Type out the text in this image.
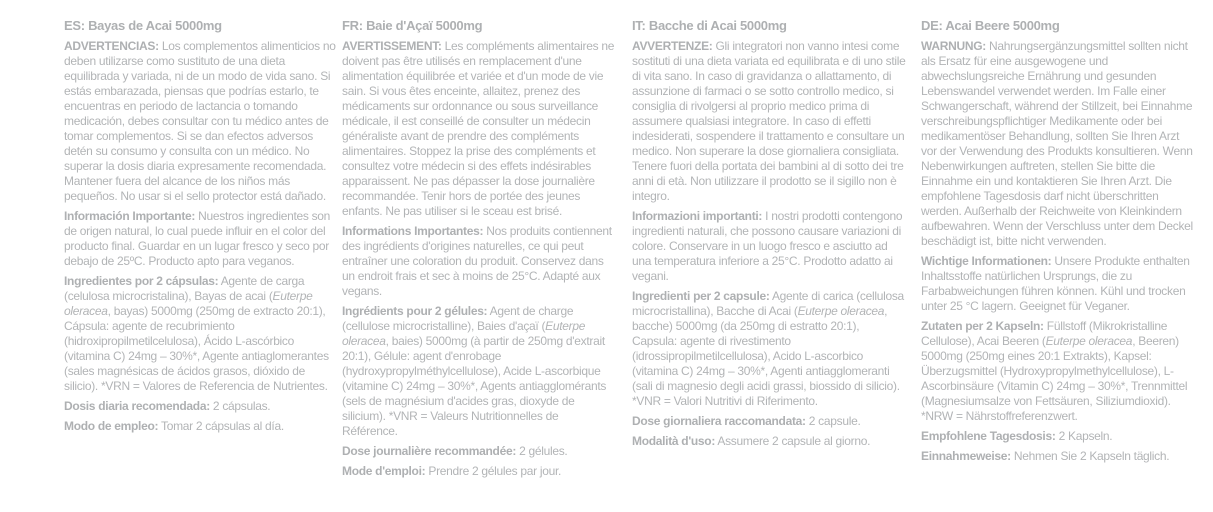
ES: Bayas de Acai 5000mg

ADVERTENCIAS: Los complementos alimenticios no deben utilizarse como sustituto de una dieta equilibrada y variada, ni de un modo de vida sano. Si estás embarazada, piensas que podrías estarlo, te encuentras en periodo de lactancia o tomando medicación, debes consultar con tu médico antes de tomar complementos. Si se dan efectos adversos detén su consumo y consulta con un médico. No superar la dosis diaria expresamente recomendada. Mantener fuera del alcance de los niños más pequeños. No usar si el sello protector está dañado.

Información Importante: Nuestros ingredientes son de origen natural, lo cual puede influir en el color del producto final. Guardar en un lugar fresco y seco por debajo de 25ºC. Producto apto para veganos.

Ingredientes por 2 cápsulas: Agente de carga (celulosa microcristalina), Bayas de acai (Euterpe oleracea, bayas) 5000mg (250mg de extracto 20:1), Cápsula: agente de recubrimiento (hidroxipropilmetilcelulosa), Ácido L-ascórbico (vitamina C) 24mg – 30%*, Agente antiaglomerantes (sales magnésicas de ácidos grasos, dióxido de silicio). *VRN = Valores de Referencia de Nutrientes.

Dosis diaria recomendada: 2 cápsulas.

Modo de empleo: Tomar 2 cápsulas al día.

FR: Baie d'Açaï 5000mg

AVERTISSEMENT: Les compléments alimentaires ne doivent pas être utilisés en remplacement d'une alimentation équilibrée et variée et d'un mode de vie sain. Si vous êtes enceinte, allaitez, prenez des médicaments sur ordonnance ou sous surveillance médicale, il est conseillé de consulter un médecin généraliste avant de prendre des compléments alimentaires. Stoppez la prise des compléments et consultez votre médecin si des effets indésirables apparaissent. Ne pas dépasser la dose journalière recommandée. Tenir hors de portée des jeunes enfants. Ne pas utiliser si le sceau est brisé.

Informations Importantes: Nos produits contiennent des ingrédients d'origines naturelles, ce qui peut entraîner une coloration du produit. Conservez dans un endroit frais et sec à moins de 25°C. Adapté aux vegans.

Ingrédients pour 2 gélules: Agent de charge (cellulose microcristalline), Baies d'açaï (Euterpe oleracea, baies) 5000mg (à partir de 250mg d'extrait 20:1), Gélule: agent d'enrobage (hydroxypropylméthylcellulose), Acide L-ascorbique (vitamine C) 24mg – 30%*, Agents antiagglomérants (sels de magnésium d'acides gras, dioxyde de silicium). *VNR = Valeurs Nutritionnelles de Référence.

Dose journalière recommandée: 2 gélules.

Mode d'emploi: Prendre 2 gélules par jour.

IT: Bacche di Acai 5000mg

AVVERTENZE: Gli integratori non vanno intesi come sostituti di una dieta variata ed equilibrata e di uno stile di vita sano. In caso di gravidanza o allattamento, di assunzione di farmaci o se sotto controllo medico, si consiglia di rivolgersi al proprio medico prima di assumere qualsiasi integratore. In caso di effetti indesiderati, sospendere il trattamento e consultare un medico. Non superare la dose giornaliera consigliata. Tenere fuori della portata dei bambini al di sotto dei tre anni di età. Non utilizzare il prodotto se il sigillo non è integro.

Informazioni importanti: I nostri prodotti contengono ingredienti naturali, che possono causare variazioni di colore. Conservare in un luogo fresco e asciutto ad una temperatura inferiore a 25°C. Prodotto adatto ai vegani.

Ingredienti per 2 capsule: Agente di carica (cellulosa microcristallina), Bacche di Acai (Euterpe oleracea, bacche) 5000mg (da 250mg di estratto 20:1), Capsula: agente di rivestimento (idrossipropilmetilcellulosa), Acido L-ascorbico (vitamina C) 24mg – 30%*, Agenti antiagglomeranti (sali di magnesio degli acidi grassi, biossido di silicio). *VNR = Valori Nutritivi di Riferimento.

Dose giornaliera raccomandata: 2 capsule.

Modalità d'uso: Assumere 2 capsule al giorno.

DE: Acai Beere 5000mg

WARNUNG: Nahrungsergänzungsmittel sollten nicht als Ersatz für eine ausgewogene und abwechslungsreiche Ernährung und gesunden Lebenswandel verwendet werden. Im Falle einer Schwangerschaft, während der Stillzeit, bei Einnahme verschreibungspflichtiger Medikamente oder bei medikamentöser Behandlung, sollten Sie Ihren Arzt vor der Verwendung des Produkts konsultieren. Wenn Nebenwirkungen auftreten, stellen Sie bitte die Einnahme ein und kontaktieren Sie Ihren Arzt. Die empfohlene Tagesdosis darf nicht überschritten werden. Außerhalb der Reichweite von Kleinkindern aufbewahren. Wenn der Verschluss unter dem Deckel beschädigt ist, bitte nicht verwenden.

Wichtige Informationen: Unsere Produkte enthalten Inhaltsstoffe natürlichen Ursprungs, die zu Farbabweichungen führen können. Kühl und trocken unter 25 °C lagern. Geeignet für Veganer.

Zutaten per 2 Kapseln: Füllstoff (Mikrokristalline Cellulose), Acai Beeren (Euterpe oleracea, Beeren) 5000mg (250mg eines 20:1 Extrakts), Kapsel: Überzugsmittel (Hydroxypropylmethylcellulose), L-Ascorbinsäure (Vitamin C) 24mg – 30%*, Trennmittel (Magnesiumsalze von Fettsäuren, Siliziumdioxid). *NRW = Nährstoffreferenzwert.

Empfohlene Tagesdosis: 2 Kapseln.

Einnahmeweise: Nehmen Sie 2 Kapseln täglich.
